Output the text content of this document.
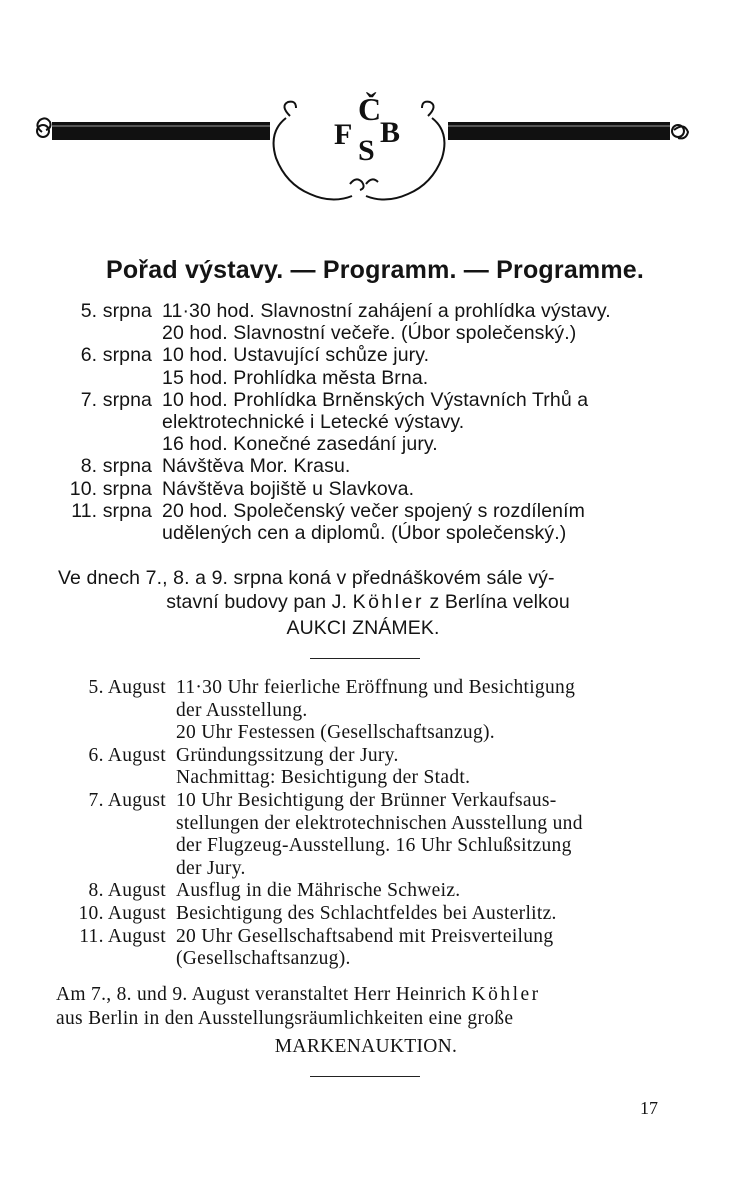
F
Č
B
S
Pořad výstavy. — Programm. — Programme.
5. srpna 11·30 hod. Slavnostní zahájení a prohlídka výstavy.
20 hod. Slavnostní večeře. (Úbor společenský.)
6. srpna 10 hod. Ustavující schůze jury.
15 hod. Prohlídka města Brna.
7. srpna 10 hod. Prohlídka Brněnských Výstavních Trhů a
elektrotechnické i Letecké výstavy.
16 hod. Konečné zasedání jury.
8. srpna Návštěva Mor. Krasu.
10. srpna Návštěva bojiště u Slavkova.
11. srpna 20 hod. Společenský večer spojený s rozdílením
udělených cen a diplomů. (Úbor společenský.)
Ve dnech 7., 8. a 9. srpna koná v přednáškovém sále vý-
stavní budovy pan J. Köhler z Berlína velkou
AUKCI ZNÁMEK.
5. August 11·30 Uhr feierliche Eröffnung und Besichtigung
der Ausstellung.
20 Uhr Festessen (Gesellschaftsanzug).
6. August Gründungssitzung der Jury.
Nachmittag: Besichtigung der Stadt.
7. August 10 Uhr Besichtigung der Brünner Verkaufsaus-
stellungen der elektrotechnischen Ausstellung und
der Flugzeug-Ausstellung. 16 Uhr Schlußsitzung
der Jury.
8. August Ausflug in die Mährische Schweiz.
10. August Besichtigung des Schlachtfeldes bei Austerlitz.
11. August 20 Uhr Gesellschaftsabend mit Preisverteilung
(Gesellschaftsanzug).
Am 7., 8. und 9. August veranstaltet Herr Heinrich Köhler
aus Berlin in den Ausstellungsräumlichkeiten eine große
MARKENAUKTION.
17
